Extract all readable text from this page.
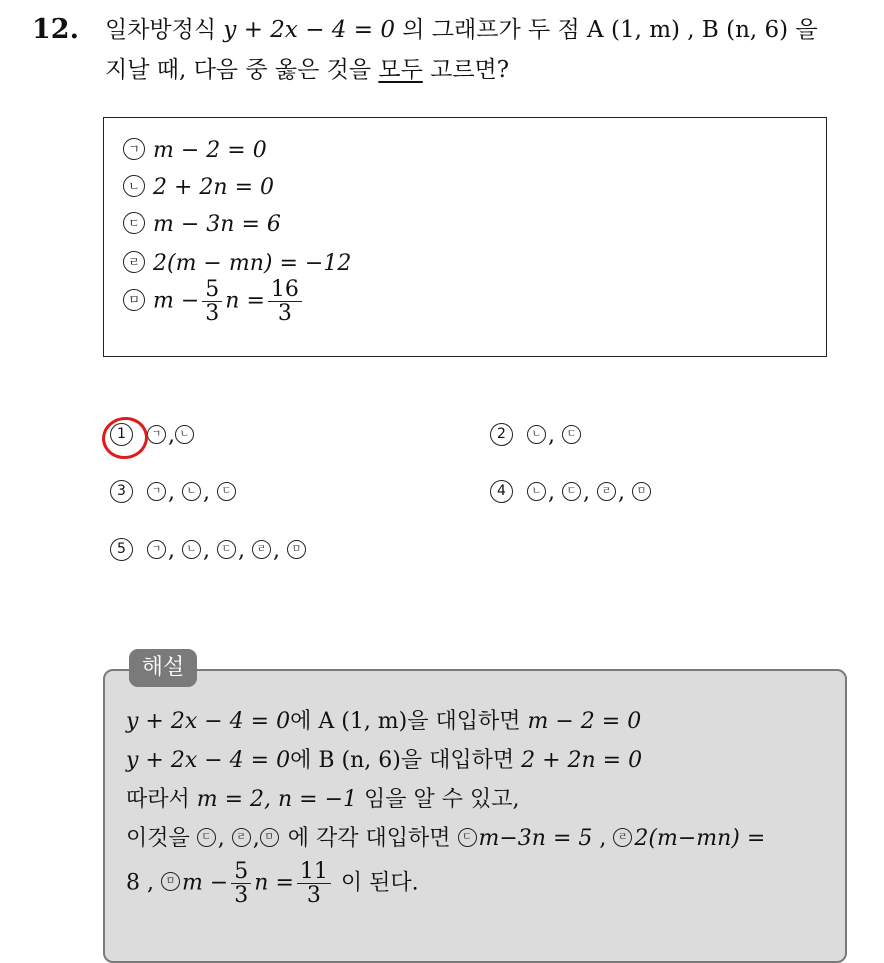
12. 일차방정식 y + 2x − 4 = 0 의 그래프가 두 점 A (1, m) , B (n, 6) 을
지날 때, 다음 중 옳은 것을 모두 고르면?
ㄱ m − 2 = 0
ㄴ 2 + 2n = 0
ㄷ m − 3n = 6
ㄹ 2(m − mn) = −12
ㅁ $m - \frac{5}{3}$ $n = \frac{16}{3}$
1	ㄱ , ㄴ	2	ㄴ , ㄷ
3	ㄱ , ㄴ , ㄷ	4	ㄴ , ㄷ , ㄹ , ㅁ
5	ㄱ , ㄴ , ㄷ , ㄹ , ㅁ
해설
y + 2x − 4 = 0에 A (1, m)을 대입하면 m − 2 = 0
y + 2x − 4 = 0에 B (n, 6)을 대입하면 2 + 2n = 0
따라서 m = 2, n = −1 임을 알 수 있고,
이것을 ㄷ , ㄹ , ㅁ 에 각각 대입하면 ㄷ m−3n = 5 , ㄹ 2(m−mn) =
8 , ㅁ $m - \frac{5}{3}$ $n = \frac{11}{3}$ 이 된다.
